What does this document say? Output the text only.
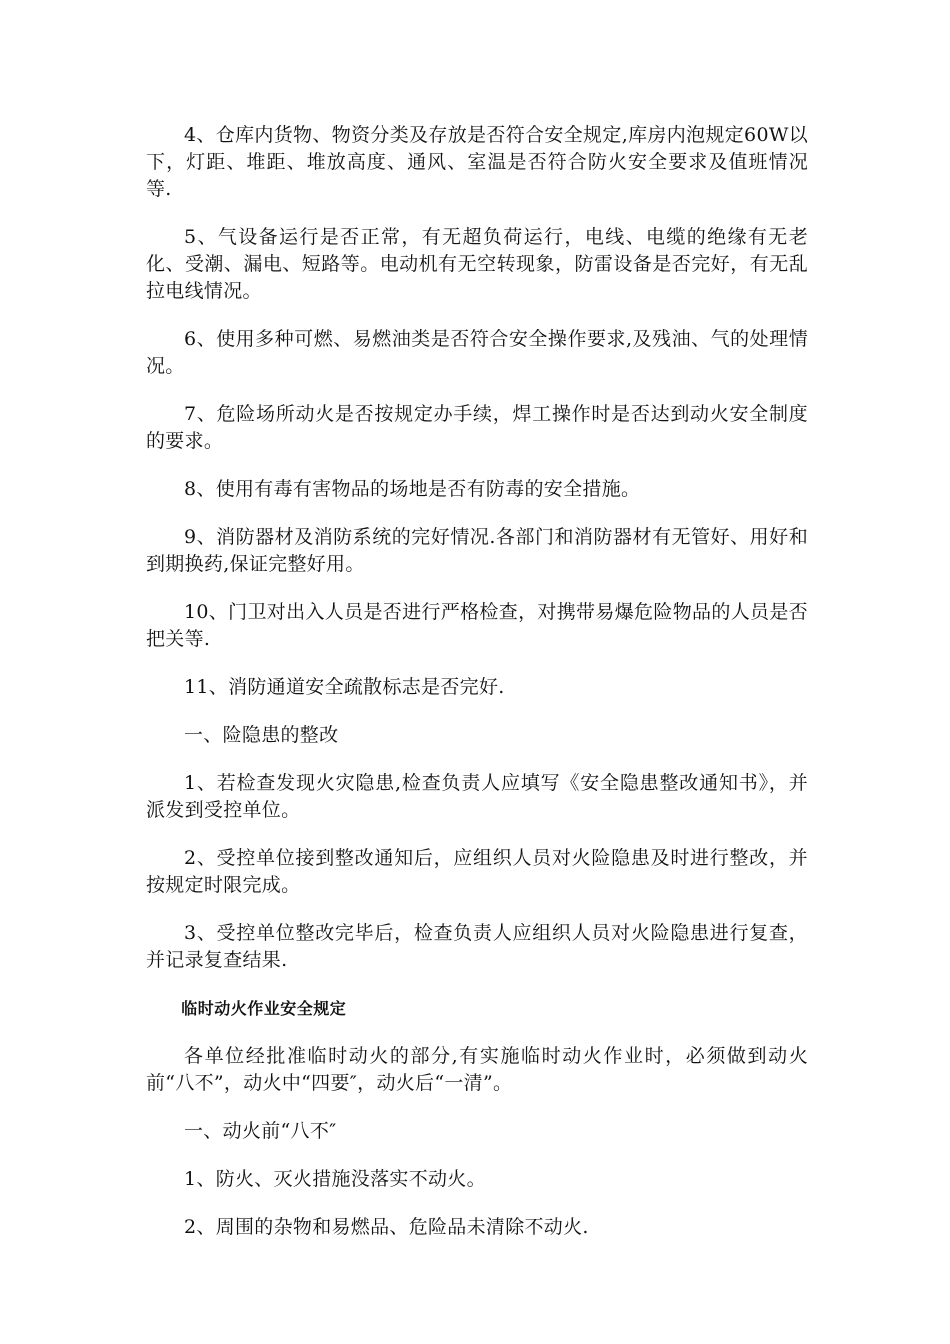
4、仓库内货物、物资分类及存放是否符合安全规定,库房内泡规定60W以下，灯距、堆距、堆放高度、通风、室温是否符合防火安全要求及值班情况等.

5、气设备运行是否正常，有无超负荷运行，电线、电缆的绝缘有无老化、受潮、漏电、短路等。电动机有无空转现象，防雷设备是否完好，有无乱拉电线情况。

6、使用多种可燃、易燃油类是否符合安全操作要求,及残油、气的处理情况。

7、危险场所动火是否按规定办手续，焊工操作时是否达到动火安全制度的要求。

8、使用有毒有害物品的场地是否有防毒的安全措施。

9、消防器材及消防系统的完好情况.各部门和消防器材有无管好、用好和到期换药,保证完整好用。

10、门卫对出入人员是否进行严格检查，对携带易爆危险物品的人员是否把关等.

11、消防通道安全疏散标志是否完好.

一、险隐患的整改

1、若检查发现火灾隐患,检查负责人应填写《安全隐患整改通知书》，并派发到受控单位。

2、受控单位接到整改通知后，应组织人员对火险隐患及时进行整改，并按规定时限完成。

3、受控单位整改完毕后，检查负责人应组织人员对火险隐患进行复查，并记录复查结果.

临时动火作业安全规定

各单位经批准临时动火的部分,有实施临时动火作业时，必须做到动火前“八不”，动火中“四要″，动火后“一清”。

一、动火前“八不″

1、防火、灭火措施没落实不动火。

2、周围的杂物和易燃品、危险品未清除不动火.
